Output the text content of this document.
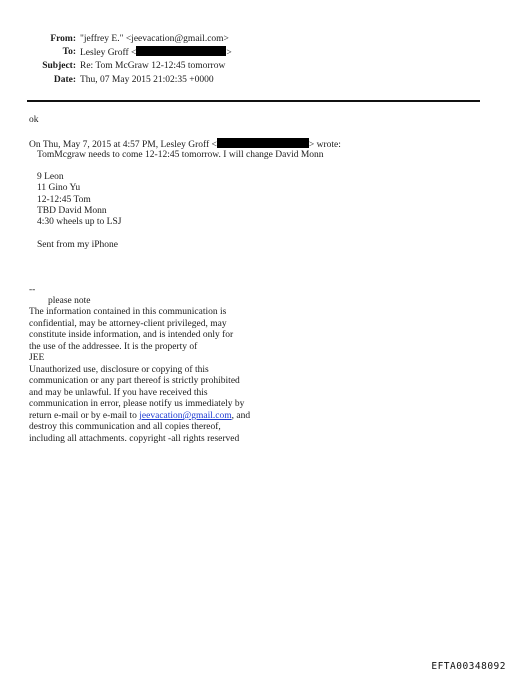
From: "jeffrey E." <jeevacation@gmail.com>
To: Lesley Groff <	>
Subject: Re: Tom McGraw 12-12:45 tomorrow
Date: Thu, 07 May 2015 21:02:35 +0000
ok
On Thu, May 7, 2015 at 4:57 PM, Lesley Groff <	> wrote:
TomMcgraw needs to come 12-12:45 tomorrow. I will change David Monn
9 Leon
11 Gino Yu
12-12:45 Tom
TBD David Monn
4:30 wheels up to LSJ
Sent from my iPhone
--
please note
The information contained in this communication is
confidential, may be attorney-client privileged, may
constitute inside information, and is intended only for
the use of the addressee. It is the property of
JEE
Unauthorized use, disclosure or copying of this
communication or any part thereof is strictly prohibited
and may be unlawful. If you have received this
communication in error, please notify us immediately by
return e-mail or by e-mail to jeevacation@gmail.com, and
destroy this communication and all copies thereof,
including all attachments. copyright -all rights reserved
EFTA00348092
